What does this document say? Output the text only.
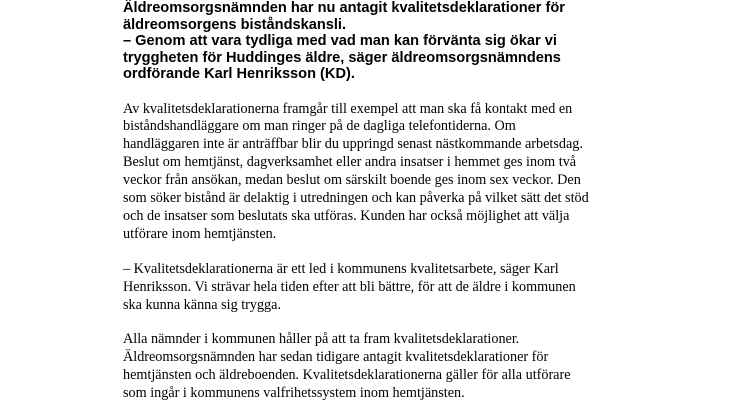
Äldreomsorgsnämnden har nu antagit kvalitetsdeklarationer för
äldreomsorgens biståndskansli.
– Genom att vara tydliga med vad man kan förvänta sig ökar vi
tryggheten för Huddinges äldre, säger äldreomsorgsnämndens
ordförande Karl Henriksson (KD).

Av kvalitetsdeklarationerna framgår till exempel att man ska få kontakt med en
biståndshandläggare om man ringer på de dagliga telefontiderna. Om
handläggaren inte är anträffbar blir du uppringd senast nästkommande arbetsdag.
Beslut om hemtjänst, dagverksamhet eller andra insatser i hemmet ges inom två
veckor från ansökan, medan beslut om särskilt boende ges inom sex veckor. Den
som söker bistånd är delaktig i utredningen och kan påverka på vilket sätt det stöd
och de insatser som beslutats ska utföras. Kunden har också möjlighet att välja
utförare inom hemtjänsten.

– Kvalitetsdeklarationerna är ett led i kommunens kvalitetsarbete, säger Karl
Henriksson. Vi strävar hela tiden efter att bli bättre, för att de äldre i kommunen
ska kunna känna sig trygga.

Alla nämnder i kommunen håller på att ta fram kvalitetsdeklarationer.
Äldreomsorgsnämnden har sedan tidigare antagit kvalitetsdeklarationer för
hemtjänsten och äldreboenden. Kvalitetsdeklarationerna gäller för alla utförare
som ingår i kommunens valfrihetssystem inom hemtjänsten.
